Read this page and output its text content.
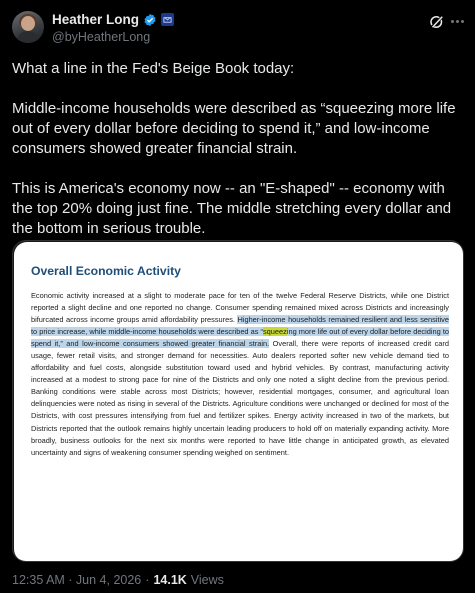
Heather Long
@byHeatherLong
What a line in the Fed's Beige Book today:

Middle-income households were described as “squeezing more life out of every dollar before deciding to spend it,” and low-income consumers showed greater financial strain.

This is America's economy now -- an "E-shaped" -- economy with the top 20% doing just fine. The middle stretching every dollar and the bottom in serious trouble.
Overall Economic Activity
Economic activity increased at a slight to moderate pace for ten of the twelve Federal Reserve Districts, while one District reported a slight decline and one reported no change. Consumer spending remained mixed across Districts and increasingly bifurcated across income groups amid affordability pressures. Higher-income households remained resilient and less sensitive to price increase, while middle-income households were described as “squeezing more life out of every dollar before deciding to spend it,” and low-income consumers showed greater financial strain. Overall, there were reports of increased credit card usage, fewer retail visits, and stronger demand for necessities. Auto dealers reported softer new vehicle demand tied to affordability and fuel costs, alongside substitution toward used and hybrid vehicles. By contrast, manufacturing activity increased at a modest to strong pace for nine of the Districts and only one noted a slight decline from the previous period. Banking conditions were stable across most Districts; however, residential mortgages, consumer, and agricultural loan delinquencies were noted as rising in several of the Districts. Agriculture conditions were unchanged or declined for most of the Districts, with cost pressures intensifying from fuel and fertilizer spikes. Energy activity increased in two of the markets, but Districts reported that the outlook remains highly uncertain leading producers to hold off on materially expanding activity. More broadly, business outlooks for the next six months were reported to have little change in anticipated growth, as elevated uncertainty and signs of weakening consumer spending weighed on sentiment.
12:35 AM · Jun 4, 2026 · 14.1K Views
